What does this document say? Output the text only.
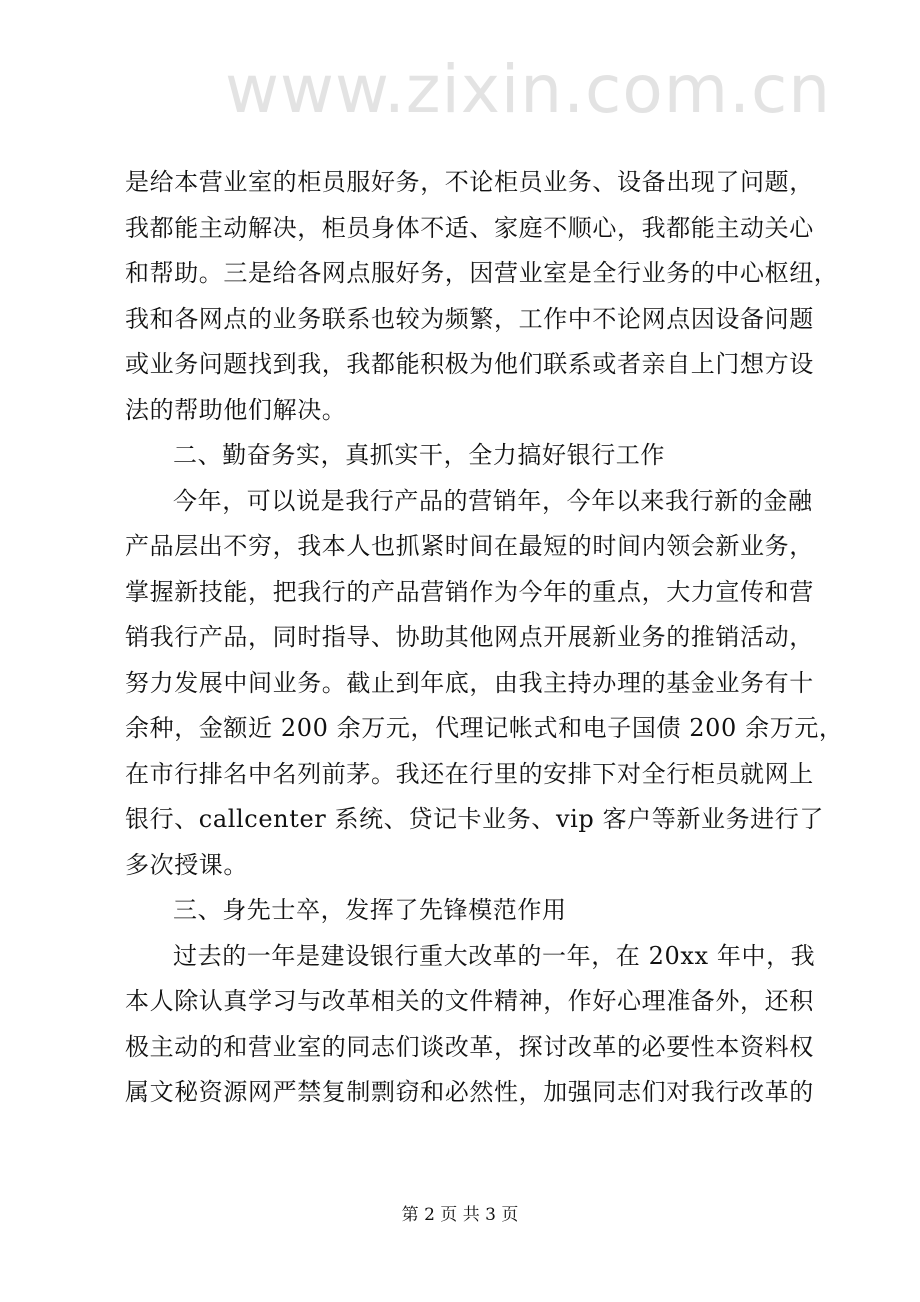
www.zixin.com.cn
是给本营业室的柜员服好务，不论柜员业务、设备出现了问题，
我都能主动解决，柜员身体不适、家庭不顺心，我都能主动关心
和帮助。三是给各网点服好务，因营业室是全行业务的中心枢纽，
我和各网点的业务联系也较为频繁，工作中不论网点因设备问题
或业务问题找到我，我都能积极为他们联系或者亲自上门想方设
法的帮助他们解决。
二、勤奋务实，真抓实干，全力搞好银行工作
今年，可以说是我行产品的营销年，今年以来我行新的金融
产品层出不穷，我本人也抓紧时间在最短的时间内领会新业务，
掌握新技能，把我行的产品营销作为今年的重点，大力宣传和营
销我行产品，同时指导、协助其他网点开展新业务的推销活动，
努力发展中间业务。截止到年底，由我主持办理的基金业务有十
余种，金额近 200 余万元，代理记帐式和电子国债 200 余万元，
在市行排名中名列前茅。我还在行里的安排下对全行柜员就网上
银行、callcenter 系统、贷记卡业务、vip 客户等新业务进行了
多次授课。
三、身先士卒，发挥了先锋模范作用
过去的一年是建设银行重大改革的一年，在 20xx 年中，我
本人除认真学习与改革相关的文件精神，作好心理准备外，还积
极主动的和营业室的同志们谈改革，探讨改革的必要性本资料权
属文秘资源网严禁复制剽窃和必然性，加强同志们对我行改革的
第 2 页 共 3 页
